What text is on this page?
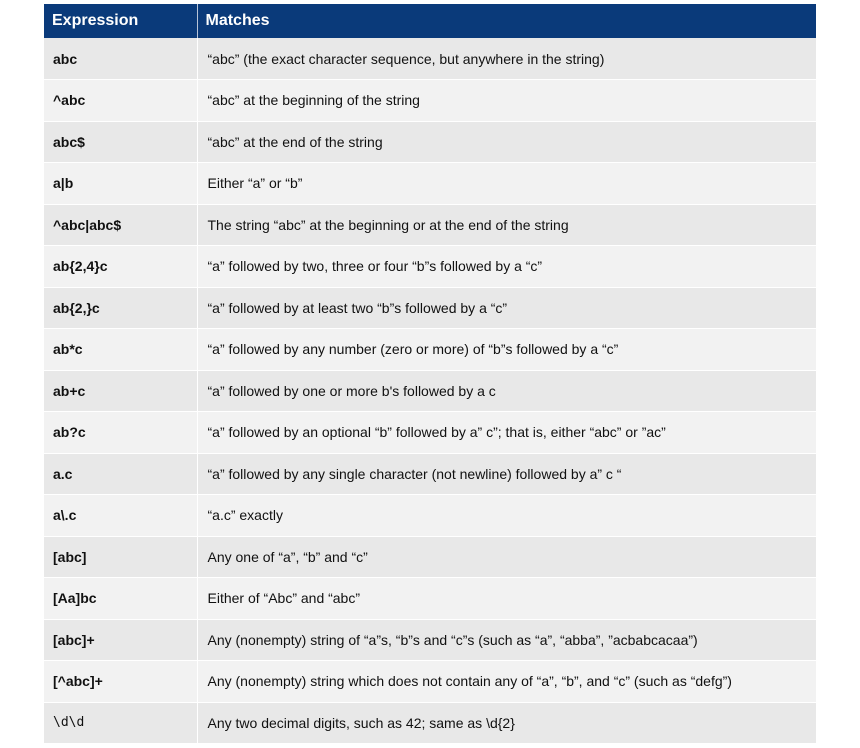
Expression	Matches
abc	“abc” (the exact character sequence, but anywhere in the string)
^abc	“abc” at the beginning of the string
abc$	“abc” at the end of the string
a|b	Either “a” or “b”
^abc|abc$	The string “abc” at the beginning or at the end of the string
ab{2,4}c	“a” followed by two, three or four “b”s followed by a “c”
ab{2,}c	“a” followed by at least two “b”s followed by a “c”
ab*c	“a” followed by any number (zero or more) of “b”s followed by a “c”
ab+c	“a” followed by one or more b's followed by a c
ab?c	“a” followed by an optional “b” followed by a” c”; that is, either “abc” or ”ac”
a.c	“a” followed by any single character (not newline) followed by a” c “
a\.c	“a.c” exactly
[abc]	Any one of “a”, “b” and “c”
[Aa]bc	Either of “Abc” and “abc”
[abc]+	Any (nonempty) string of “a”s, “b”s and “c”s (such as “a”, “abba”, ”acbabcacaa”)
[^abc]+	Any (nonempty) string which does not contain any of “a”, “b”, and “c” (such as “defg”)
\d\d	Any two decimal digits, such as 42; same as \d{2}
